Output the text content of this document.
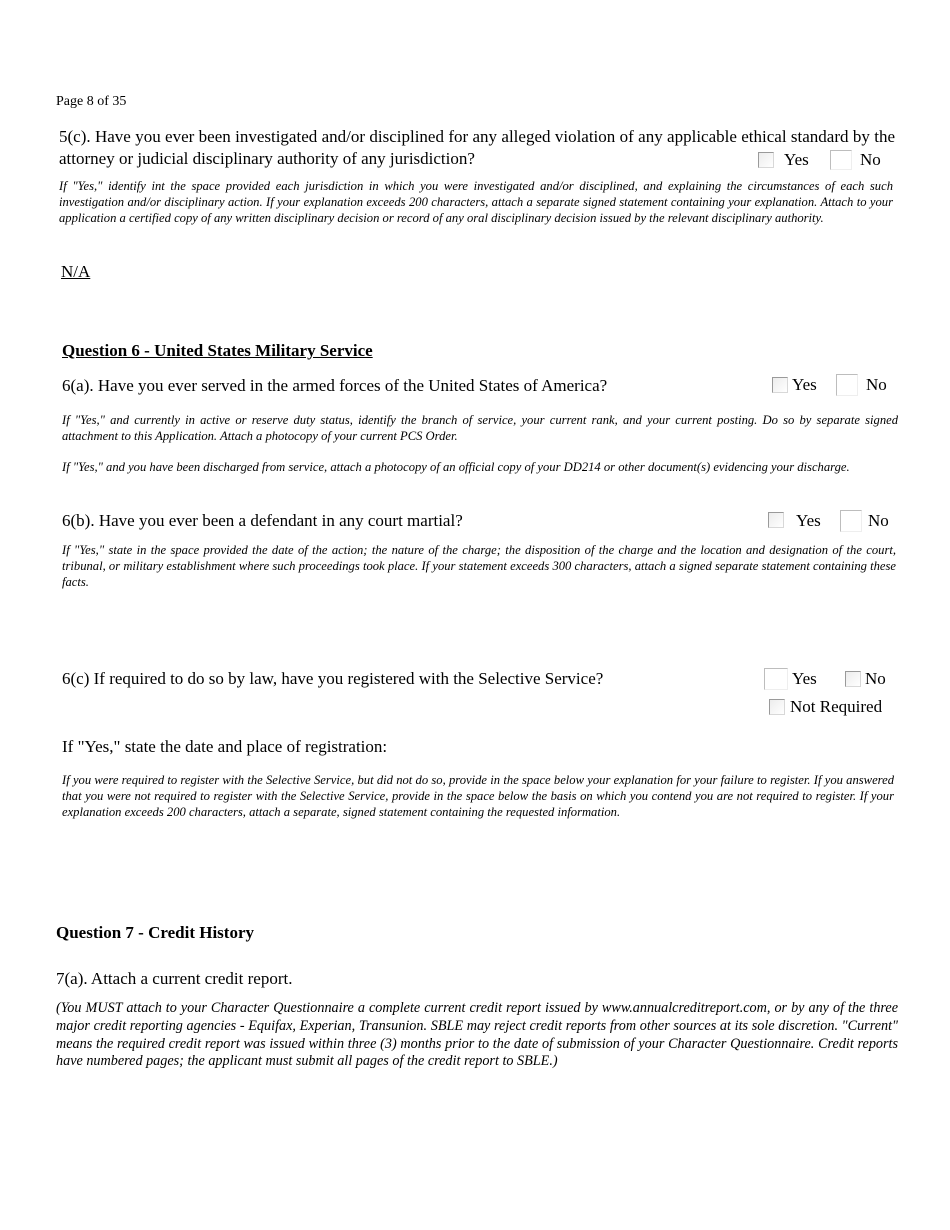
Page 8 of 35
5(c). Have you ever been investigated and/or disciplined for any alleged violation of any applicable ethical standard by the attorney or judicial disciplinary authority of any jurisdiction?	Yes	No
If "Yes," identify int the space provided each jurisdiction in which you were investigated and/or disciplined, and explaining the circumstances of each such investigation and/or disciplinary action. If your explanation exceeds 200 characters, attach a separate signed statement containing your explanation. Attach to your application a certified copy of any written disciplinary decision or record of any oral disciplinary decision issued by the relevant disciplinary authority.
N/A
Question 6 - United States Military Service
6(a). Have you ever served in the armed forces of the United States of America?	Yes	No
If "Yes," and currently in active or reserve duty status, identify the branch of service, your current rank, and your current posting. Do so by separate signed attachment to this Application. Attach a photocopy of your current PCS Order.
If "Yes," and you have been discharged from service, attach a photocopy of an official copy of your DD214 or other document(s) evidencing your discharge.
6(b). Have you ever been a defendant in any court martial?	Yes	No
If "Yes," state in the space provided the date of the action; the nature of the charge; the disposition of the charge and the location and designation of the court, tribunal, or military establishment where such proceedings took place. If your statement exceeds 300 characters, attach a signed separate statement containing these facts.
6(c) If required to do so by law, have you registered with the Selective Service?	Yes	No
Not Required
If "Yes," state the date and place of registration:
If you were required to register with the Selective Service, but did not do so, provide in the space below your explanation for your failure to register. If you answered that you were not required to register with the Selective Service, provide in the space below the basis on which you contend you are not required to register. If your explanation exceeds 200 characters, attach a separate, signed statement containing the requested information.
Question 7 - Credit History
7(a). Attach a current credit report.
(You MUST attach to your Character Questionnaire a complete current credit report issued by www.annualcreditreport.com, or by any of the three major credit reporting agencies - Equifax, Experian, Transunion. SBLE may reject credit reports from other sources at its sole discretion. "Current" means the required credit report was issued within three (3) months prior to the date of submission of your Character Questionnaire. Credit reports have numbered pages; the applicant must submit all pages of the credit report to SBLE.)
